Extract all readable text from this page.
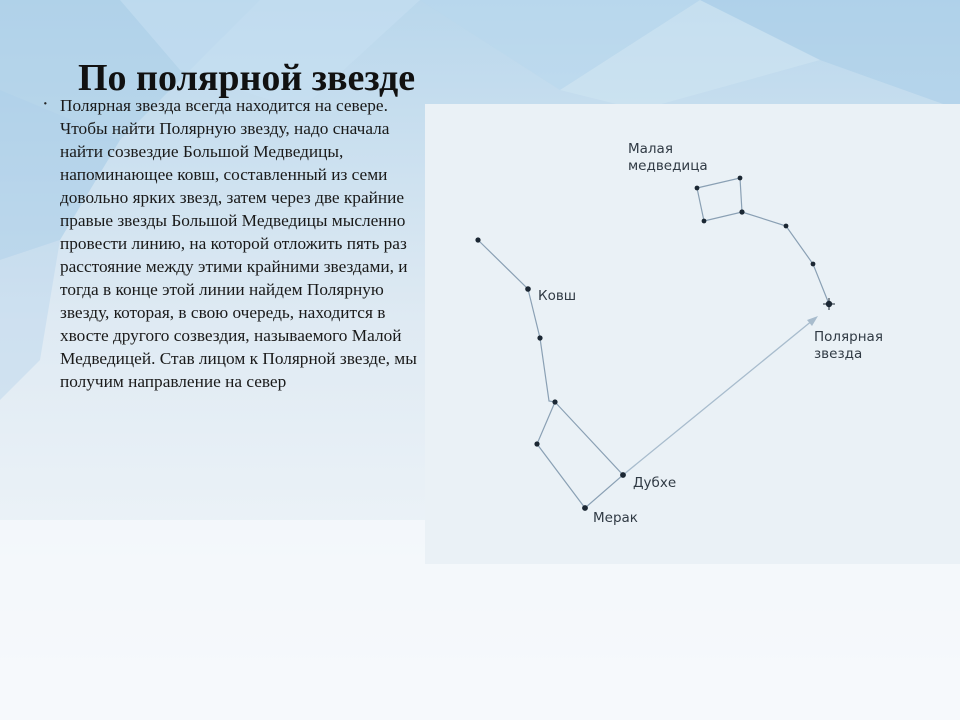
По полярной звезде
· Полярная звезда всегда находится на севере. Чтобы найти Полярную звезду, надо сначала найти созвездие Большой Медведицы, напоминающее ковш, составленный из семи довольно ярких звезд, затем через две крайние правые звезды Большой Медведицы мысленно провести линию, на которой отложить пять раз расстояние между этими крайними звездами, и тогда в конце этой линии найдем Полярную звезду, которая, в свою очередь, находится в хвосте другого созвездия, называемого Малой Медведицей. Став лицом к Полярной звезде, мы получим направление на север

Малая
медведица
Ковш
Полярная
звезда
Дубхе
Мерак
